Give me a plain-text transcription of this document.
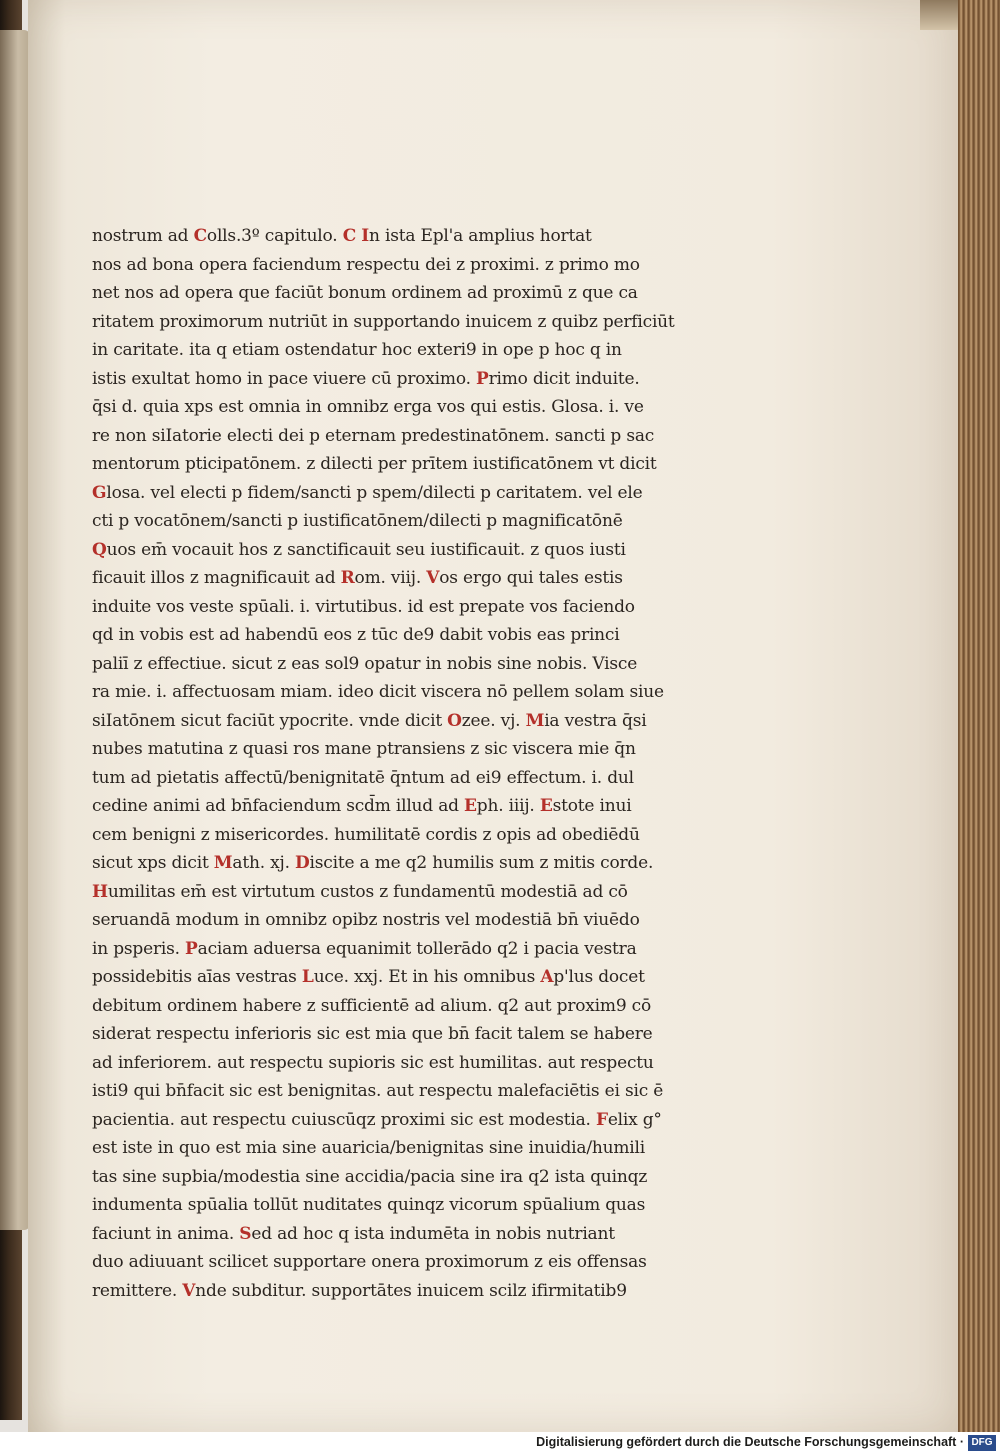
nostrum ad Colls.3º capitulo. C In ista Epl'a amplius hortat
nos ad bona opera faciendum respectu dei z proximi. z primo mo
net nos ad opera que faciūt bonum ordinem ad proximū z que ca
ritatem proximorum nutriūt in supportando inuicem z quibz perficiūt
in caritate. ita q etiam ostendatur hoc exteri9 in ope p hoc q in
istis exultat homo in pace viuere cū proximo. Primo dicit induite.
q̄si d. quia xps est omnia in omnibz erga vos qui estis. Glosa. i. ve
re non siIatorie electi dei p eternam predestinatōnem. sancti p sac
mentorum pticipatōnem. z dilecti per prītem iustificatōnem vt dicit
Glosa. vel electi p fidem/sancti p spem/dilecti p caritatem. vel ele
cti p vocatōnem/sancti p iustificatōnem/dilecti p magnificatōnē
Quos em̄ vocauit hos z sanctificauit seu iustificauit. z quos iusti
ficauit illos z magnificauit ad Rom. viij. Vos ergo qui tales estis
induite vos veste spūali. i. virtutibus. id est prepate vos faciendo
qd in vobis est ad habendū eos z tūc de9 dabit vobis eas princi
paliī z effectiue. sicut z eas sol9 opatur in nobis sine nobis. Visce
ra mie. i. affectuosam miam. ideo dicit viscera nō pellem solam siue
siIatōnem sicut faciūt ypocrite. vnde dicit Ozee. vj. Mia vestra q̄si
nubes matutina z quasi ros mane ptransiens z sic viscera mie q̄n
tum ad pietatis affectū/benignitatē q̄ntum ad ei9 effectum. i. dul
cedine animi ad bn̄faciendum scd̄m illud ad Eph. iiij. Estote inui
cem benigni z misericordes. humilitatē cordis z opis ad obediēdū
sicut xps dicit Math. xj. Discite a me q2 humilis sum z mitis corde.
Humilitas em̄ est virtutum custos z fundamentū modestiā ad cō
seruandā modum in omnibz opibz nostris vel modestiā bn̄ viuēdo
in psperis. Paciam aduersa equanimit tollerādo q2 i pacia vestra
possidebitis aīas vestras Luce. xxj. Et in his omnibus Ap'lus docet
debitum ordinem habere z sufficientē ad alium. q2 aut proxim9 cō
siderat respectu inferioris sic est mia que bn̄ facit talem se habere
ad inferiorem. aut respectu supioris sic est humilitas. aut respectu
isti9 qui bn̄facit sic est benignitas. aut respectu malefaciētis ei sic ē
pacientia. aut respectu cuiuscūqz proximi sic est modestia. Felix g°
est iste in quo est mia sine auaricia/benignitas sine inuidia/humili
tas sine supbia/modestia sine accidia/pacia sine ira q2 ista quinqz
indumenta spūalia tollūt nuditates quinqz vicorum spūalium quas
faciunt in anima. Sed ad hoc q ista indumēta in nobis nutriant
duo adiuuant scilicet supportare onera proximorum z eis offensas
remittere. Vnde subditur. supportātes inuicem scilz ifirmitatib9
Digitalisierung gefördert durch die Deutsche Forschungsgemeinschaft · DFG
